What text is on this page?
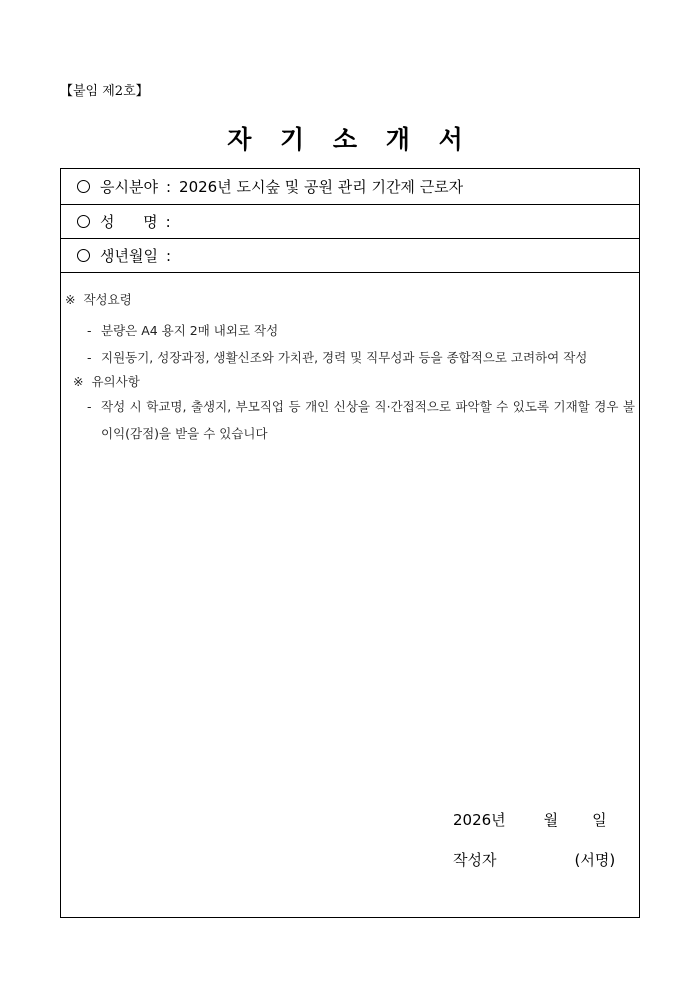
【붙임 제2호】
자 기 소 개 서
응시분야 : 2026년 도시숲 및 공원 관리 기간제 근로자
성      명 :
생년월일 :
※ 작성요령
- 분량은 A4 용지 2매 내외로 작성
- 지원동기, 성장과정, 생활신조와 가치관, 경력 및 직무성과 등을 종합적으로 고려하여 작성
※ 유의사항
- 작성 시 학교명, 출생지, 부모직업 등 개인 신상을 직·간접적으로 파악할 수 있도록 기재할 경우 불이익(감점)을 받을 수 있습니다
2026년	월 일
작성자	(서명)
